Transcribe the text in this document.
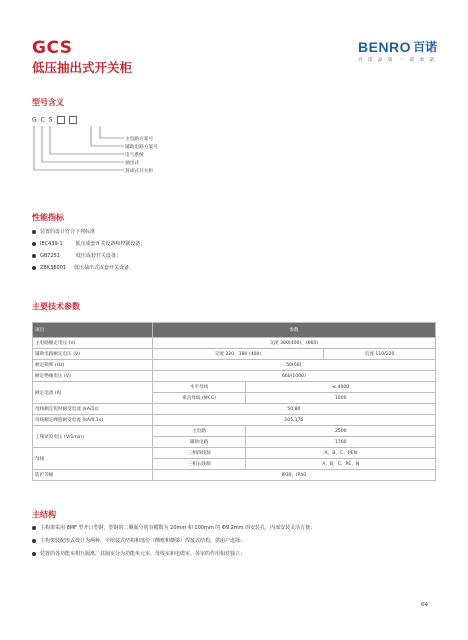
GCS
低压抽出式开关柜
BENRO 百诺
百 诺 品 质 一 诺 承 诺
型号含义
G C S
主电路方案号
辅助电路方案号
电气系统
抽出式
封闭式开关柜
性能指标
装置的设计符合下列标准
IEC439-1        低压成套开关设备和控制设备；
GB7251          低压成套开关设备；
ZBK36001     低压抽出式成套开关设备。
主要技术参数
项目	参数		
主电路额定电压 (V)	交流 380(400)、(660)		
辅助电路额定电压 (V)	交流 220、380 (400)		直流 110/220
额定频率 (Hz)	50(60)		
额定绝缘电压 (V)	660(1000)		
额定电流 (A)	水平母线	≤ 4000	
	垂直母线 (MCC)	1000	
母线额定短时耐受电流 (kA/1s)	50,80		
母线额定峰值耐受电流 (kA/0.1s)	105,176		
工频试验电压 (V/1min)	主电路	2500	
	辅助电路	1760	
母线	三相四线制	A、B、C、PEN	
	三相五线制	A，B，C，PE，N	
防护等级	IP30，IP40		
主结构
主构架采用 8MF 型开口型钢，型钢的二侧面分别有模数为 20mm 和 100mm 的 Φ9.2mm 的安装孔，内部安装灵活方便；
主构架装配形式设计为两种，全组装式结构和部份（侧框和横梁）焊接式结构，供用户选择；
装置的各功能室相互隔离，其隔室分为功能单元室、母线室和电缆室。各室的作用相对独立；
64
